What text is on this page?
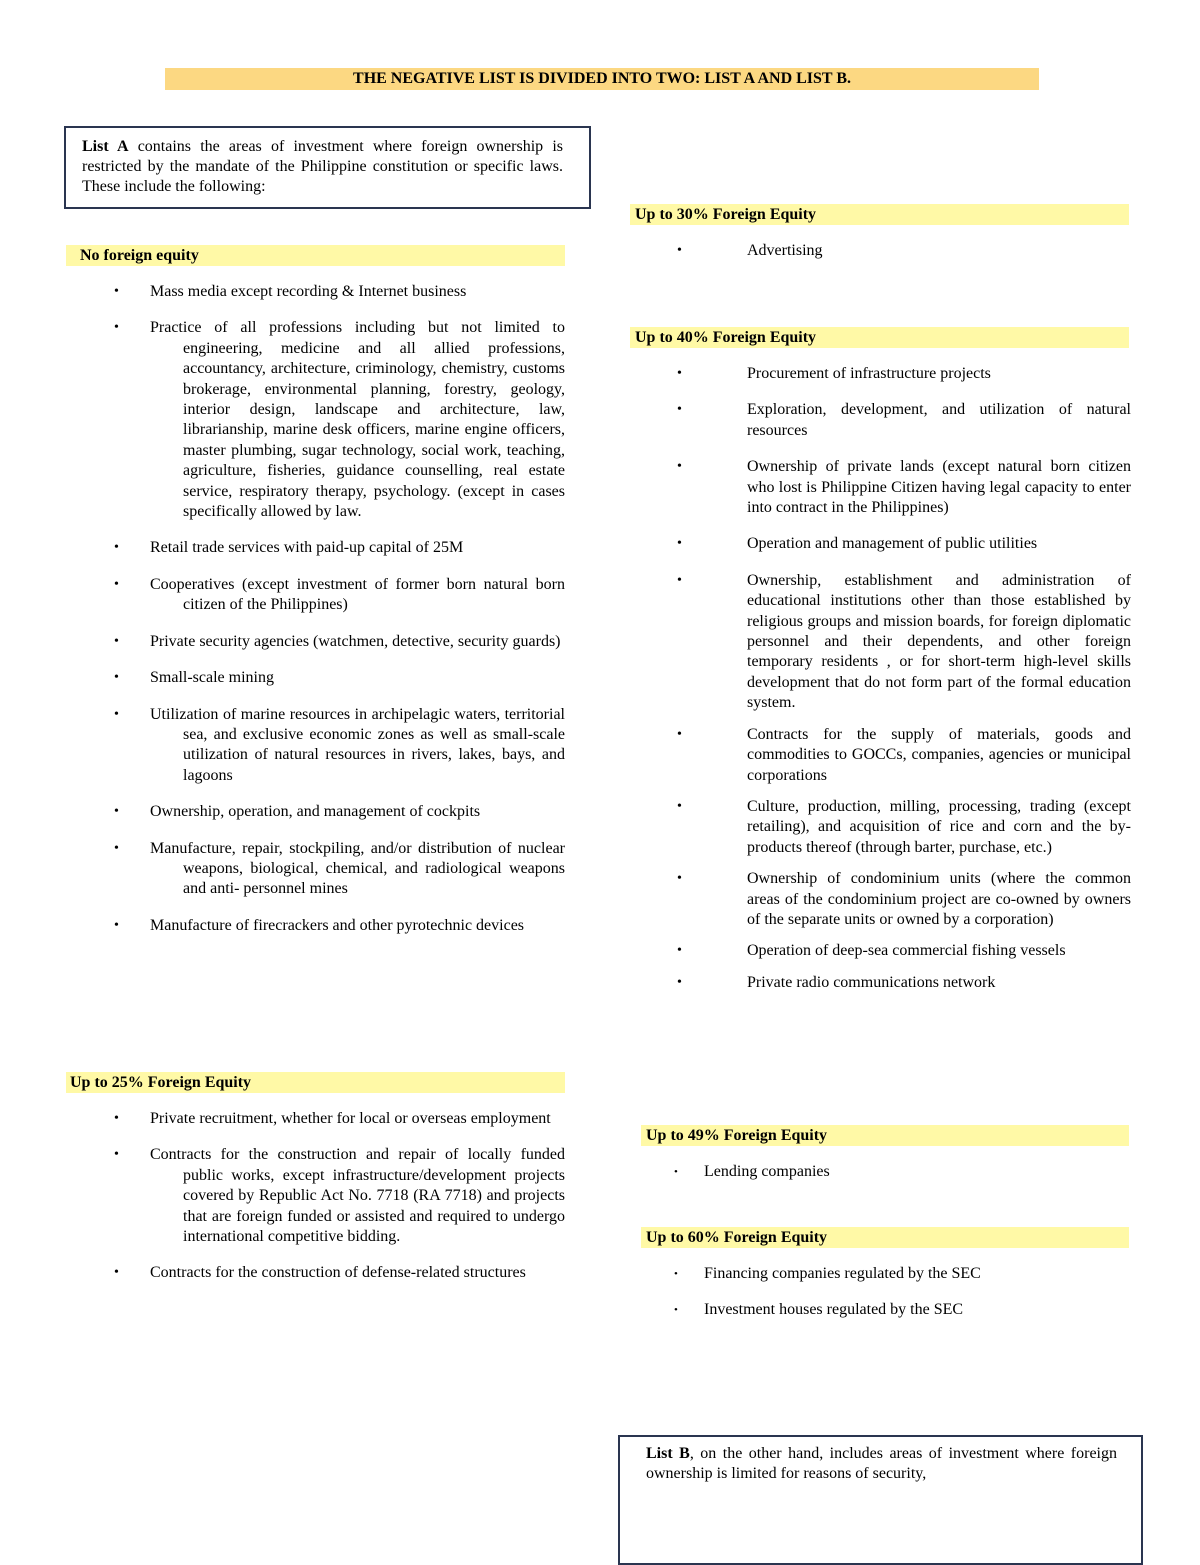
THE NEGATIVE LIST IS DIVIDED INTO TWO: LIST A AND LIST B.
List A contains the areas of investment where foreign ownership is restricted by the mandate of the Philippine constitution or specific laws. These include the following:
No foreign equity
•	Mass media except recording & Internet business
•	Practice of all professions including but not limited to engineering, medicine and all allied professions, accountancy, architecture, criminology, chemistry, customs brokerage, environmental planning, forestry, geology, interior design, landscape and architecture, law, librarianship, marine desk officers, marine engine officers, master plumbing, sugar technology, social work, teaching, agriculture, fisheries, guidance counselling, real estate service, respiratory therapy, psychology. (except in cases specifically allowed by law.
•	Retail trade services with paid-up capital of 25M
•	Cooperatives (except investment of former born natural born citizen of the Philippines)
•	Private security agencies (watchmen, detective, security guards)
•	Small-scale mining
•	Utilization of marine resources in archipelagic waters, territorial sea, and exclusive economic zones as well as small-scale utilization of natural resources in rivers, lakes, bays, and lagoons
•	Ownership, operation, and management of cockpits
•	Manufacture, repair, stockpiling, and/or distribution of nuclear weapons, biological, chemical, and radiological weapons and anti- personnel mines
•	Manufacture of firecrackers and other pyrotechnic devices
Up to 25% Foreign Equity
•	Private recruitment, whether for local or overseas employment
•	Contracts for the construction and repair of locally funded public works, except infrastructure/development projects covered by Republic Act No. 7718 (RA 7718) and projects that are foreign funded or assisted and required to undergo international competitive bidding.
•	Contracts for the construction of defense-related structures
Up to 30% Foreign Equity
•	Advertising
Up to 40% Foreign Equity
•	Procurement of infrastructure projects
•	Exploration, development, and utilization of natural resources
•	Ownership of private lands (except natural born citizen who lost is Philippine Citizen having legal capacity to enter into contract in the Philippines)
•	Operation and management of public utilities
•	Ownership, establishment and administration of educational institutions other than those established by religious groups and mission boards, for foreign diplomatic personnel and their dependents, and other foreign temporary residents , or for short-term high-level skills development that do not form part of the formal education system.
•	Contracts for the supply of materials, goods and commodities to GOCCs, companies, agencies or municipal corporations
•	Culture, production, milling, processing, trading (except retailing), and acquisition of rice and corn and the by-products thereof (through barter, purchase, etc.)
•	Ownership of condominium units (where the common areas of the condominium project are co-owned by owners of the separate units or owned by a corporation)
•	Operation of deep-sea commercial fishing vessels
•	Private radio communications network
Up to 49% Foreign Equity
•	Lending companies
Up to 60% Foreign Equity
•	Financing companies regulated by the SEC
•	Investment houses regulated by the SEC
List B, on the other hand, includes areas of investment where foreign ownership is limited for reasons of security,
